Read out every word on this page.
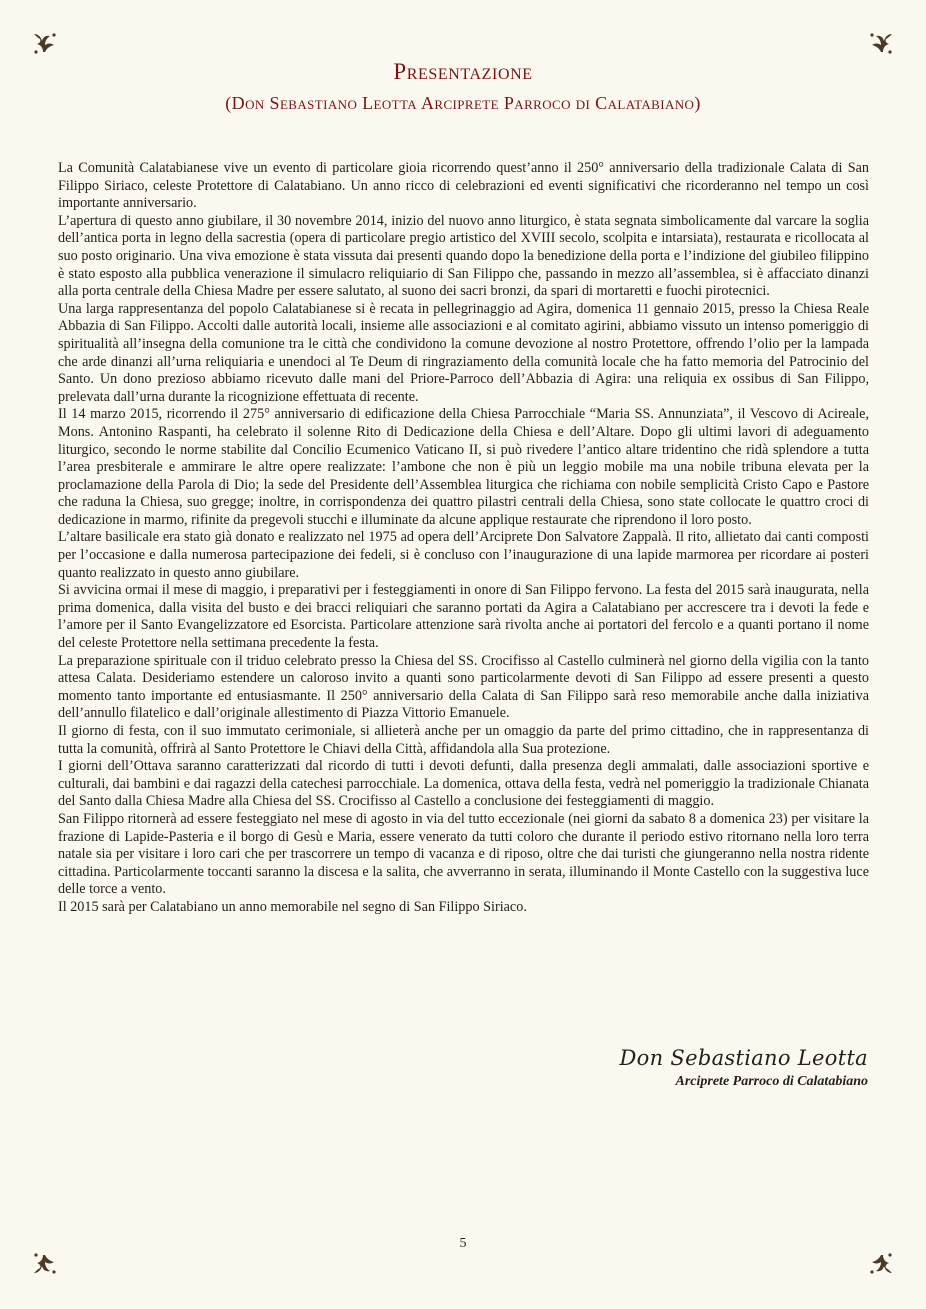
Presentazione
(Don Sebastiano Leotta Arciprete Parroco di Calatabiano)

La Comunità Calatabianese vive un evento di particolare gioia ricorrendo quest’anno il 250° anniversario della tradizionale Calata di San Filippo Siriaco, celeste Protettore di Calatabiano. Un anno ricco di celebrazioni ed eventi significativi che ricorderanno nel tempo un così importante anniversario.

L’apertura di questo anno giubilare, il 30 novembre 2014, inizio del nuovo anno liturgico, è stata segnata simbolicamente dal varcare la soglia dell’antica porta in legno della sacrestia (opera di particolare pregio artistico del XVIII secolo, scolpita e intarsiata), restaurata e ricollocata al suo posto originario. Una viva emozione è stata vissuta dai presenti quando dopo la benedizione della porta e l’indizione del giubileo filippino è stato esposto alla pubblica venerazione il simulacro reliquiario di San Filippo che, passando in mezzo all’assemblea, si è affacciato dinanzi alla porta centrale della Chiesa Madre per essere salutato, al suono dei sacri bronzi, da spari di mortaretti e fuochi pirotecnici.

Una larga rappresentanza del popolo Calatabianese si è recata in pellegrinaggio ad Agira, domenica 11 gennaio 2015, presso la Chiesa Reale Abbazia di San Filippo. Accolti dalle autorità locali, insieme alle associazioni e al comitato agirini, abbiamo vissuto un intenso pomeriggio di spiritualità all’insegna della comunione tra le città che condividono la comune devozione al nostro Protettore, offrendo l’olio per la lampada che arde dinanzi all’urna reliquiaria e unendoci al Te Deum di ringraziamento della comunità locale che ha fatto memoria del Patrocinio del Santo. Un dono prezioso abbiamo ricevuto dalle mani del Priore-Parroco dell’Abbazia di Agira: una reliquia ex ossibus di San Filippo, prelevata dall’urna durante la ricognizione effettuata di recente.

Il 14 marzo 2015, ricorrendo il 275° anniversario di edificazione della Chiesa Parrocchiale “Maria SS. Annunziata”, il Vescovo di Acireale, Mons. Antonino Raspanti, ha celebrato il solenne Rito di Dedicazione della Chiesa e dell’Altare. Dopo gli ultimi lavori di adeguamento liturgico, secondo le norme stabilite dal Concilio Ecumenico Vaticano II, si può rivedere l’antico altare tridentino che ridà splendore a tutta l’area presbiterale e ammirare le altre opere realizzate: l’ambone che non è più un leggio mobile ma una nobile tribuna elevata per la proclamazione della Parola di Dio; la sede del Presidente dell’Assemblea liturgica che richiama con nobile semplicità Cristo Capo e Pastore che raduna la Chiesa, suo gregge; inoltre, in corrispondenza dei quattro pilastri centrali della Chiesa, sono state collocate le quattro croci di dedicazione in marmo, rifinite da pregevoli stucchi e illuminate da alcune applique restaurate che riprendono il loro posto.

L’altare basilicale era stato già donato e realizzato nel 1975 ad opera dell’Arciprete Don Salvatore Zappalà. Il rito, allietato dai canti composti per l’occasione e dalla numerosa partecipazione dei fedeli, si è concluso con l’inaugurazione di una lapide marmorea per ricordare ai posteri quanto realizzato in questo anno giubilare.

Si avvicina ormai il mese di maggio, i preparativi per i festeggiamenti in onore di San Filippo fervono. La festa del 2015 sarà inaugurata, nella prima domenica, dalla visita del busto e dei bracci reliquiari che saranno portati da Agira a Calatabiano per accrescere tra i devoti la fede e l’amore per il Santo Evangelizzatore ed Esorcista. Particolare attenzione sarà rivolta anche ai portatori del fercolo e a quanti portano il nome del celeste Protettore nella settimana precedente la festa.

La preparazione spirituale con il triduo celebrato presso la Chiesa del SS. Crocifisso al Castello culminerà nel giorno della vigilia con la tanto attesa Calata. Desideriamo estendere un caloroso invito a quanti sono particolarmente devoti di San Filippo ad essere presenti a questo momento tanto importante ed entusiasmante. Il 250° anniversario della Calata di San Filippo sarà reso memorabile anche dalla iniziativa dell’annullo filatelico e dall’originale allestimento di Piazza Vittorio Emanuele.

Il giorno di festa, con il suo immutato cerimoniale, si allieterà anche per un omaggio da parte del primo cittadino, che in rappresentanza di tutta la comunità, offrirà al Santo Protettore le Chiavi della Città, affidandola alla Sua protezione.

I giorni dell’Ottava saranno caratterizzati dal ricordo di tutti i devoti defunti, dalla presenza degli ammalati, dalle associazioni sportive e culturali, dai bambini e dai ragazzi della catechesi parrocchiale. La domenica, ottava della festa, vedrà nel pomeriggio la tradizionale Chianata del Santo dalla Chiesa Madre alla Chiesa del SS. Crocifisso al Castello a conclusione dei festeggiamenti di maggio.

San Filippo ritornerà ad essere festeggiato nel mese di agosto in via del tutto eccezionale (nei giorni da sabato 8 a domenica 23) per visitare la frazione di Lapide-Pasteria e il borgo di Gesù e Maria, essere venerato da tutti coloro che durante il periodo estivo ritornano nella loro terra natale sia per visitare i loro cari che per trascorrere un tempo di vacanza e di riposo, oltre che dai turisti che giungeranno nella nostra ridente cittadina. Particolarmente toccanti saranno la discesa e la salita, che avverranno in serata, illuminando il Monte Castello con la suggestiva luce delle torce a vento.

Il 2015 sarà per Calatabiano un anno memorabile nel segno di San Filippo Siriaco.

Don Sebastiano Leotta
Arciprete Parroco di Calatabiano
5
